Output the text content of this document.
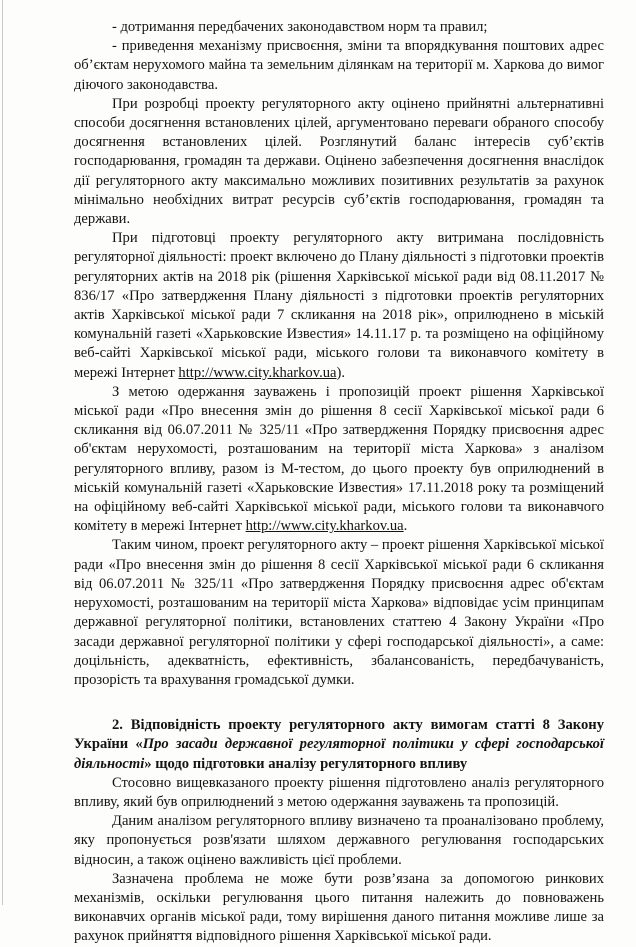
- дотримання передбачених законодавством норм та правил;

- приведення механізму присвоєння, зміни та впорядкування поштових адрес об’єктам нерухомого майна та земельним ділянкам на території м. Харкова до вимог діючого законодавства.

При розробці проекту регуляторного акту оцінено прийнятні альтернативні способи досягнення встановлених цілей, аргументовано переваги обраного способу досягнення встановлених цілей. Розглянутий баланс інтересів суб’єктів господарювання, громадян та держави. Оцінено забезпечення досягнення внаслідок дії регуляторного акту максимально можливих позитивних результатів за рахунок мінімально необхідних витрат ресурсів суб’єктів господарювання, громадян та держави.

При підготовці проекту регуляторного акту витримана послідовність регуляторної діяльності: проект включено до Плану діяльності з підготовки проектів регуляторних актів на 2018 рік (рішення Харківської міської ради від 08.11.2017 № 836/17 «Про затвердження Плану діяльності з підготовки проектів регуляторних актів Харківської міської ради 7 скликання на 2018 рік», оприлюднено в міській комунальній газеті «Харьковские Известия» 14.11.17 р. та розміщено на офіційному веб-сайті Харківської міської ради, міського голови та виконавчого комітету в мережі Інтернет http://www.city.kharkov.ua).

З метою одержання зауважень і пропозицій проект рішення Харківської міської ради «Про внесення змін до рішення 8 сесії Харківської міської ради 6 скликання від 06.07.2011 № 325/11 «Про затвердження Порядку присвоєння адрес об'єктам нерухомості, розташованим на території міста Харкова» з аналізом регуляторного впливу, разом із М-тестом, до цього проекту був оприлюднений в міській комунальній газеті «Харьковские Известия» 17.11.2018 року та розміщений на офіційному веб-сайті Харківської міської ради, міського голови та виконавчого комітету в мережі Інтернет http://www.city.kharkov.ua.

Таким чином, проект регуляторного акту – проект рішення Харківської міської ради «Про внесення змін до рішення 8 сесії Харківської міської ради 6 скликання від 06.07.2011 № 325/11 «Про затвердження Порядку присвоєння адрес об'єктам нерухомості, розташованим на території міста Харкова» відповідає усім принципам державної регуляторної політики, встановлених статтею 4 Закону України «Про засади державної регуляторної політики у сфері господарської діяльності», а саме: доцільність, адекватність, ефективність, збалансованість, передбачуваність, прозорість та врахування громадської думки.

2. Відповідність проекту регуляторного акту вимогам статті 8 Закону України «Про засади державної регуляторної політики у сфері господарської діяльності» щодо підготовки аналізу регуляторного впливу

Стосовно вищевказаного проекту рішення підготовлено аналіз регуляторного впливу, який був оприлюднений з метою одержання зауважень та пропозицій.

Даним аналізом регуляторного впливу визначено та проаналізовано проблему, яку пропонується розв'язати шляхом державного регулювання господарських відносин, а також оцінено важливість цієї проблеми.

Зазначена проблема не може бути розв’язана за допомогою ринкових механізмів, оскільки регулювання цього питання належить до повноважень виконавчих органів міської ради, тому вирішення даного питання можливе лише за рахунок прийняття відповідного рішення Харківської міської ради.
